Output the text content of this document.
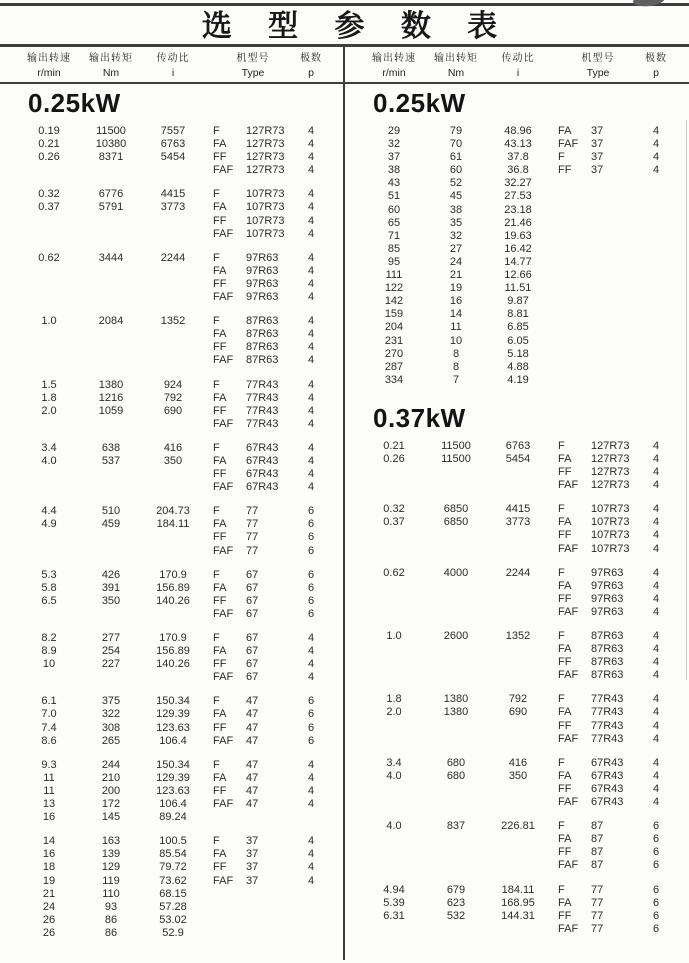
选 型 参 数 表
输出转速
r/min
输出转矩
Nm
传动比
i
机型号
Type
极数
p
0.25kW
0.19	11500	7557	F	127R73	4
0.21	10380	6763	FA	127R73	4
0.26	8371	5454	FF	127R73	4
FAF	127R73	4
0.32	6776	4415	F	107R73	4
0.37	5791	3773	FA	107R73	4
FF	107R73	4
FAF	107R73	4
0.62	3444	2244	F	97R63	4
FA	97R63	4
FF	97R63	4
FAF	97R63	4
1.0	2084	1352	F	87R63	4
FA	87R63	4
FF	87R63	4
FAF	87R63	4
1.5	1380	924	F	77R43	4
1.8	1216	792	FA	77R43	4
2.0	1059	690	FF	77R43	4
FAF	77R43	4
3.4	638	416	F	67R43	4
4.0	537	350	FA	67R43	4
FF	67R43	4
FAF	67R43	4
4.4	510	204.73	F	77	6
4.9	459	184.11	FA	77	6
FF	77	6
FAF	77	6
5.3	426	170.9	F	67	6
5.8	391	156.89	FA	67	6
6.5	350	140.26	FF	67	6
FAF	67	6
8.2	277	170.9	F	67	4
8.9	254	156.89	FA	67	4
10	227	140.26	FF	67	4
FAF	67	4
6.1	375	150.34	F	47	6
7.0	322	129.39	FA	47	6
7.4	308	123.63	FF	47	6
8.6	265	106.4	FAF	47	6
9.3	244	150.34	F	47	4
11	210	129.39	FA	47	4
11	200	123.63	FF	47	4
13	172	106.4	FAF	47	4
16	145	89.24
14	163	100.5	F	37	4
16	139	85.54	FA	37	4
18	129	79.72	FF	37	4
19	119	73.62	FAF	37	4
21	110	68.15
24	93	57.28
26	86	53.02
26	86	52.9
输出转速
r/min
输出转矩
Nm
传动比
i
机型号
Type
极数
p
0.25kW
29	79	48.96	FA	37	4
32	70	43.13	FAF	37	4
37	61	37.8	F	37	4
38	60	36.8	FF	37	4
43	52	32.27
51	45	27.53
60	38	23.18
65	35	21.46
71	32	19.63
85	27	16.42
95	24	14.77
111	21	12.66
122	19	11.51
142	16	9.87
159	14	8.81
204	11	6.85
231	10	6.05
270	8	5.18
287	8	4.88
334	7	4.19
0.37kW
0.21	11500	6763	F	127R73	4
0.26	11500	5454	FA	127R73	4
FF	127R73	4
FAF	127R73	4
0.32	6850	4415	F	107R73	4
0.37	6850	3773	FA	107R73	4
FF	107R73	4
FAF	107R73	4
0.62	4000	2244	F	97R63	4
FA	97R63	4
FF	97R63	4
FAF	97R63	4
1.0	2600	1352	F	87R63	4
FA	87R63	4
FF	87R63	4
FAF	87R63	4
1.8	1380	792	F	77R43	4
2.0	1380	690	FA	77R43	4
FF	77R43	4
FAF	77R43	4
3.4	680	416	F	67R43	4
4.0	680	350	FA	67R43	4
FF	67R43	4
FAF	67R43	4
4.0	837	226.81	F	87	6
FA	87	6
FF	87	6
FAF	87	6
4.94	679	184.11	F	77	6
5.39	623	168.95	FA	77	6
6.31	532	144.31	FF	77	6
FAF	77	6
